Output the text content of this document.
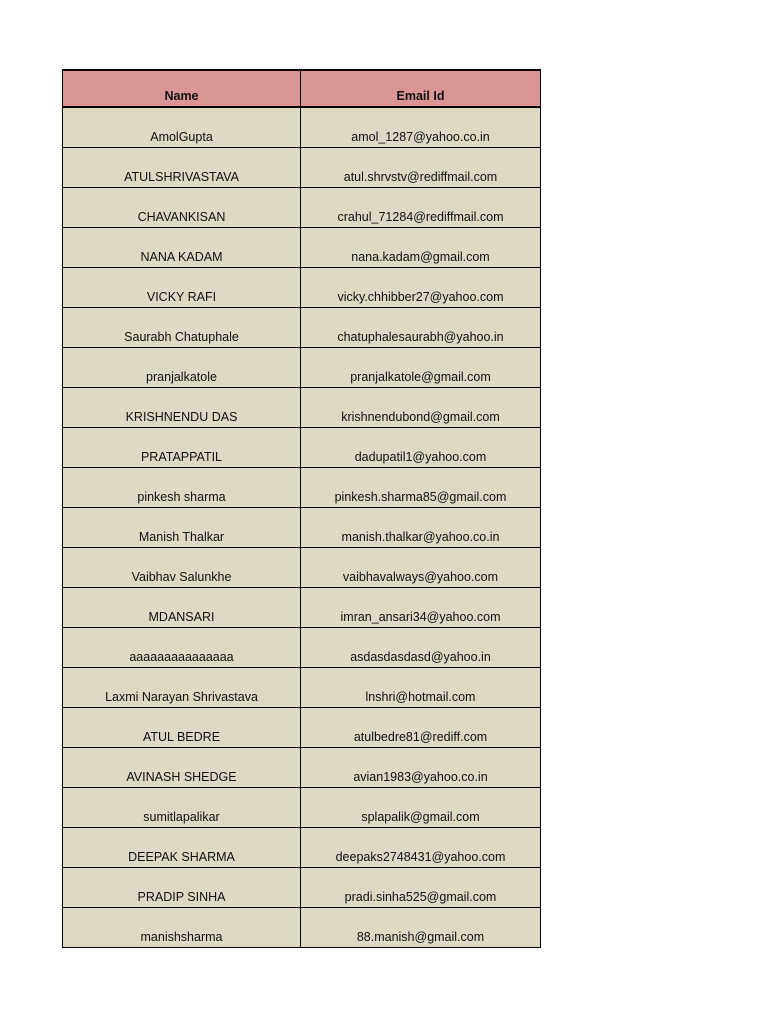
Name	Email Id
AmolGupta	amol_1287@yahoo.co.in
ATULSHRIVASTAVA	atul.shrvstv@rediffmail.com
CHAVANKISAN	crahul_71284@rediffmail.com
NANA KADAM	nana.kadam@gmail.com
VICKY RAFI	vicky.chhibber27@yahoo.com
Saurabh Chatuphale	chatuphalesaurabh@yahoo.in
pranjalkatole	pranjalkatole@gmail.com
KRISHNENDU DAS	krishnendubond@gmail.com
PRATAPPATIL	dadupatil1@yahoo.com
pinkesh sharma	pinkesh.sharma85@gmail.com
Manish Thalkar	manish.thalkar@yahoo.co.in
Vaibhav Salunkhe	vaibhavalways@yahoo.com
MDANSARI	imran_ansari34@yahoo.com
aaaaaaaaaaaaaaa	asdasdasdasd@yahoo.in
Laxmi Narayan Shrivastava	lnshri@hotmail.com
ATUL BEDRE	atulbedre81@rediff.com
AVINASH SHEDGE	avian1983@yahoo.co.in
sumitlapalikar	splapalik@gmail.com
DEEPAK SHARMA	deepaks2748431@yahoo.com
PRADIP SINHA	pradi.sinha525@gmail.com
manishsharma	88.manish@gmail.com
